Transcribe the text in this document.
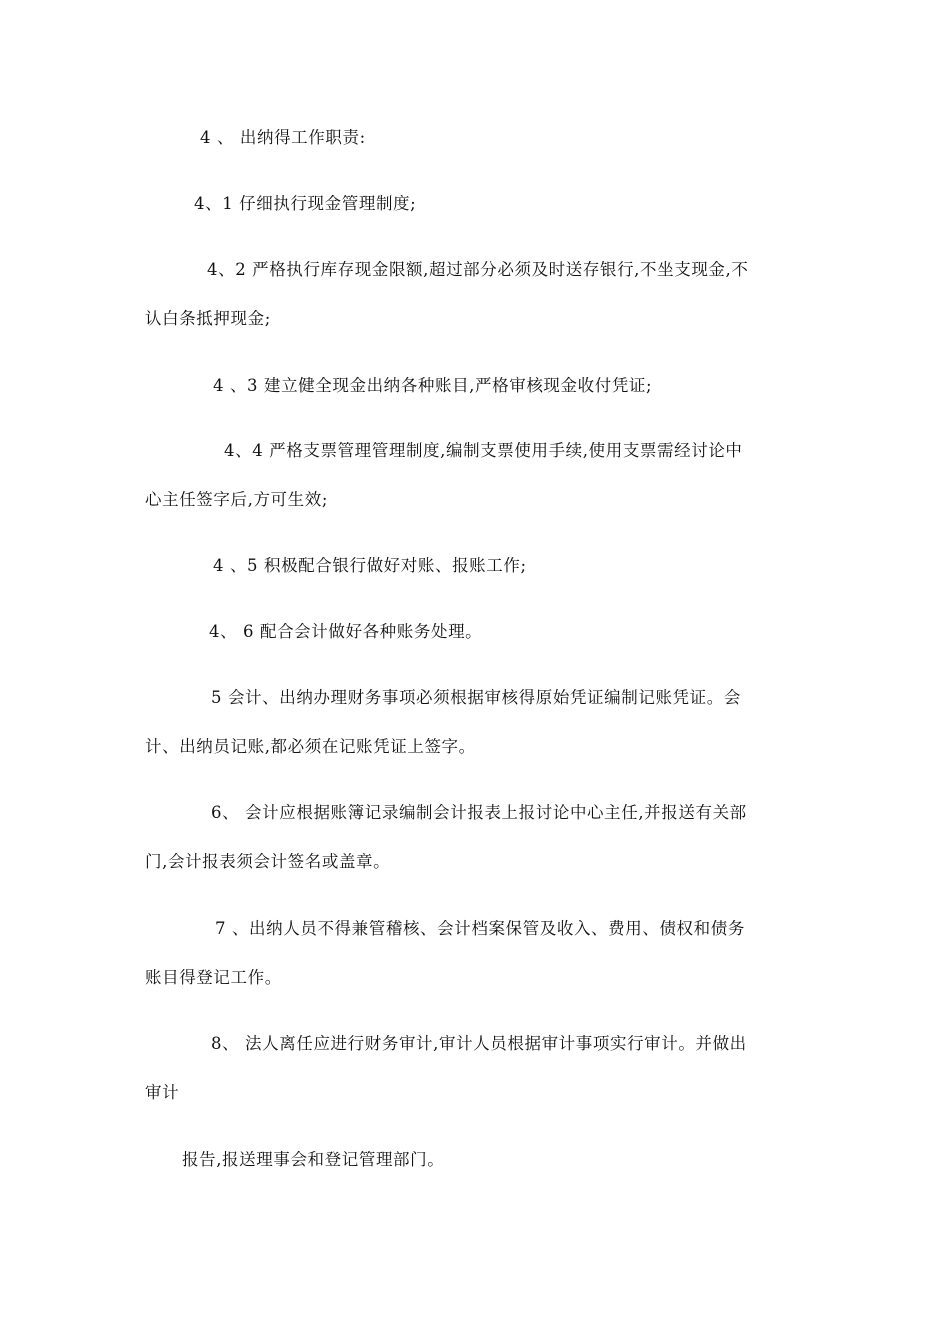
4 、 出纳得工作职责:
4、1 仔细执行现金管理制度;
4、2 严格执行库存现金限额,超过部分必须及时送存银行,不坐支现金,不
认白条抵押现金;
4 、3 建立健全现金出纳各种账目,严格审核现金收付凭证;
4、4 严格支票管理管理制度,编制支票使用手续,使用支票需经讨论中
心主任签字后,方可生效;
4 、5 积极配合银行做好对账、报账工作;
4、 6 配合会计做好各种账务处理。
5 会计、出纳办理财务事项必须根据审核得原始凭证编制记账凭证。会
计、出纳员记账,都必须在记账凭证上签字。
6、 会计应根据账簿记录编制会计报表上报讨论中心主任,并报送有关部
门,会计报表须会计签名或盖章。
7 、出纳人员不得兼管稽核、会计档案保管及收入、费用、债权和债务
账目得登记工作。
8、 法人离任应进行财务审计,审计人员根据审计事项实行审计。并做出
审计
报告,报送理事会和登记管理部门。
